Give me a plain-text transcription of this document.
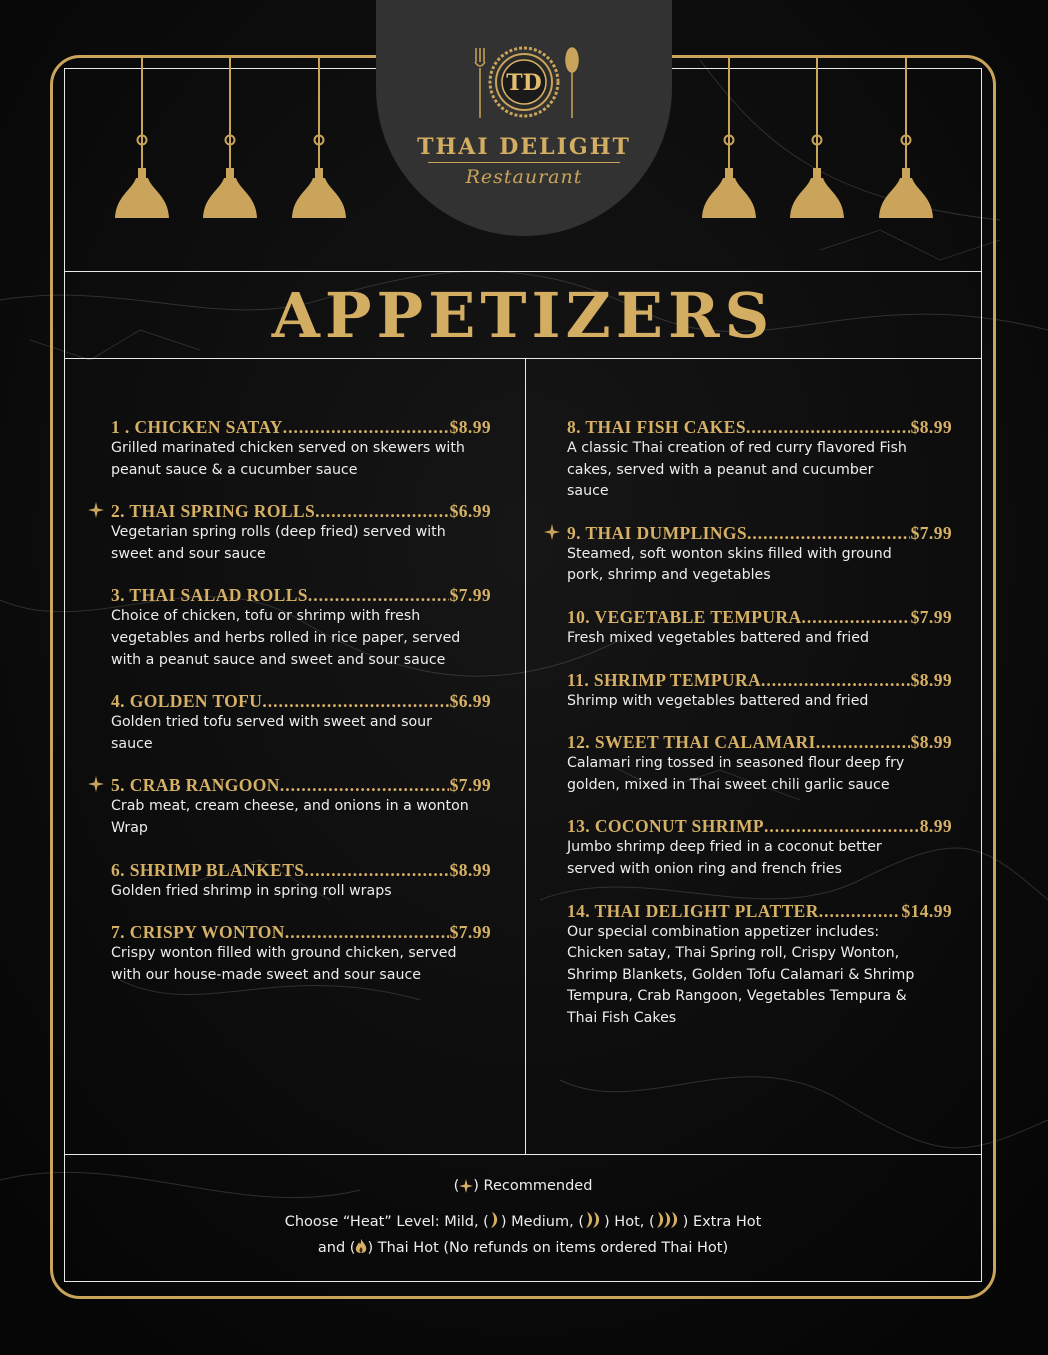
TD
THAI DELIGHT
Restaurant
APPETIZERS
1 . CHICKEN SATAY .....	$8.99
Grilled marinated chicken served on skewers with
peanut sauce & a cucumber sauce
2. THAI SPRING ROLLS .....	$6.99
Vegetarian spring rolls (deep fried) served with
sweet and sour sauce
3. THAI SALAD ROLLS .....	$7.99
Choice of chicken, tofu or shrimp with fresh
vegetables and herbs rolled in rice paper, served
with a peanut sauce and sweet and sour sauce
4. GOLDEN TOFU .....	$6.99
Golden tried tofu served with sweet and sour
sauce
5. CRAB RANGOON .....	$7.99
Crab meat, cream cheese, and onions in a wonton
Wrap
6. SHRIMP BLANKETS .....	$8.99
Golden fried shrimp in spring roll wraps
7. CRISPY WONTON .....	$7.99
Crispy wonton filled with ground chicken, served
with our house-made sweet and sour sauce
8. THAI FISH CAKES .....	$8.99
A classic Thai creation of red curry flavored Fish
cakes, served with a peanut and cucumber
sauce
9. THAI DUMPLINGS .....	$7.99
Steamed, soft wonton skins filled with ground
pork, shrimp and vegetables
10. VEGETABLE TEMPURA .....	$7.99
Fresh mixed vegetables battered and fried
11. SHRIMP TEMPURA .....	$8.99
Shrimp with vegetables battered and fried
12. SWEET THAI CALAMARI .....	$8.99
Calamari ring tossed in seasoned flour deep fry
golden, mixed in Thai sweet chili garlic sauce
13. COCONUT SHRIMP .....	8.99
Jumbo shrimp deep fried in a coconut better
served with onion ring and french fries
14. THAI DELIGHT PLATTER .....	$14.99
Our special combination appetizer includes:
Chicken satay, Thai Spring roll, Crispy Wonton,
Shrimp Blankets, Golden Tofu Calamari & Shrimp
Tempura, Crab Rangoon, Vegetables Tempura &
Thai Fish Cakes
( ) Recommended
Choose “Heat” Level: Mild, ( ) Medium, ( ) Hot, ( ) Extra Hot
and ( ) Thai Hot (No refunds on items ordered Thai Hot)
